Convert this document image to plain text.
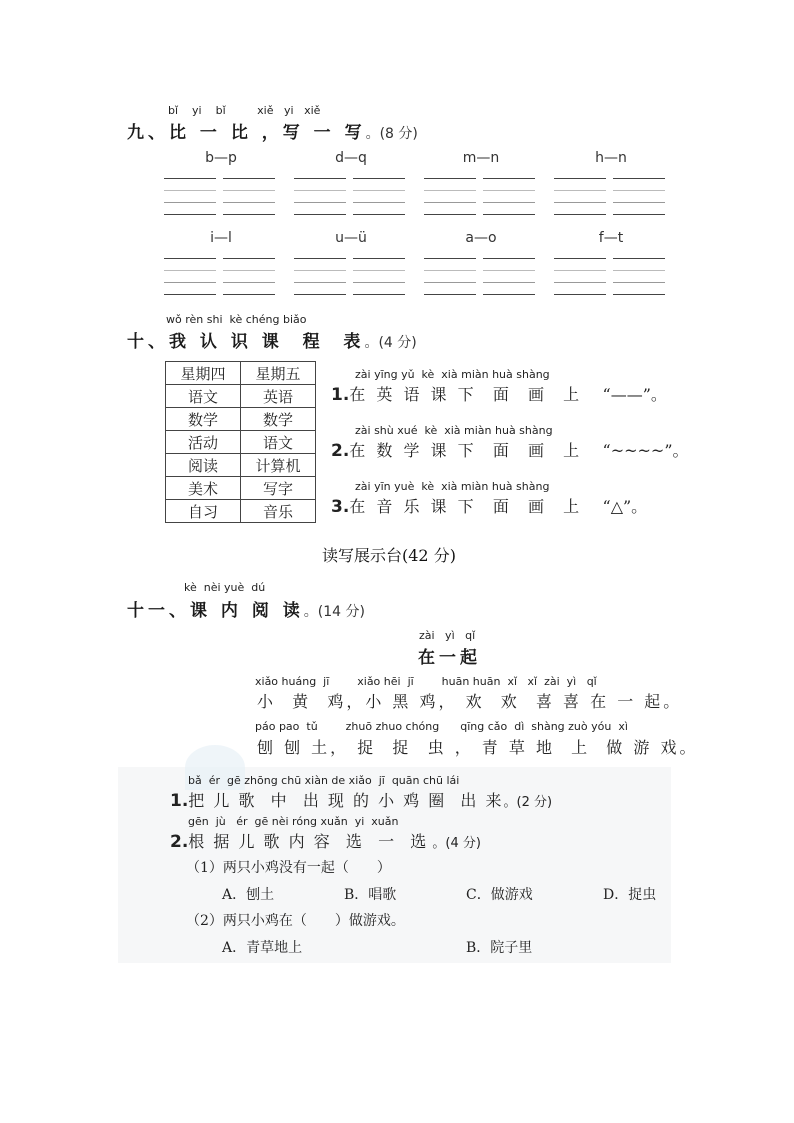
bǐ yi bǐ	xiě yi xiě
九、比 一 比 ，写 一 写。(8 分)
b—p	d—q	m—n	h—n
i—l	u—ü	a—o	f—t
wǒ rèn shi  kè chéng biǎo
十、我 认 识 课  程  表。(4 分)
星期四	星期五
语文	英语
数学	数学
活动	语文
阅读	计算机
美术	写字
自习	音乐
zài yīng yǔ  kè  xià miàn huà shàng
1.在 英 语 课 下  面  画  上 “——”。
zài shù xué  kè  xià miàn huà shàng
2.在 数 学 课 下  面  画  上 “~~~~”。
zài yīn yuè  kè  xià miàn huà shàng
3.在 音 乐 课 下  面  画  上 “△”。
读写展示台(42 分)
kè  nèi yuè  dú
十一、课 内 阅 读。(14 分)
zài   yì   qǐ
在一起
xiǎo huáng  jī        xiǎo hēi  jī        huān huān  xǐ   xǐ  zài  yì   qǐ
小  黄  鸡，小 黑 鸡， 欢  欢  喜 喜 在 一 起。
páo pao  tǔ        zhuō zhuo chóng      qīng cǎo  dì  shàng zuò yóu  xì
刨 刨 土， 捉  捉  虫 ， 青 草 地  上  做 游 戏。
bǎ  ér  gē zhōng chū xiàn de xiǎo  jī  quān chū lái
1.把 儿 歌  中  出 现 的 小 鸡 圈  出 来。(2 分)
gēn  jù   ér  gē nèi róng xuǎn  yi  xuǎn
2.根 据 儿 歌 内 容  选  一  选 。(4 分)
（1）两只小鸡没有一起（　　）
A．刨土	B．唱歌	C．做游戏	D．捉虫
（2）两只小鸡在（　　）做游戏。
A．青草地上	B．院子里
